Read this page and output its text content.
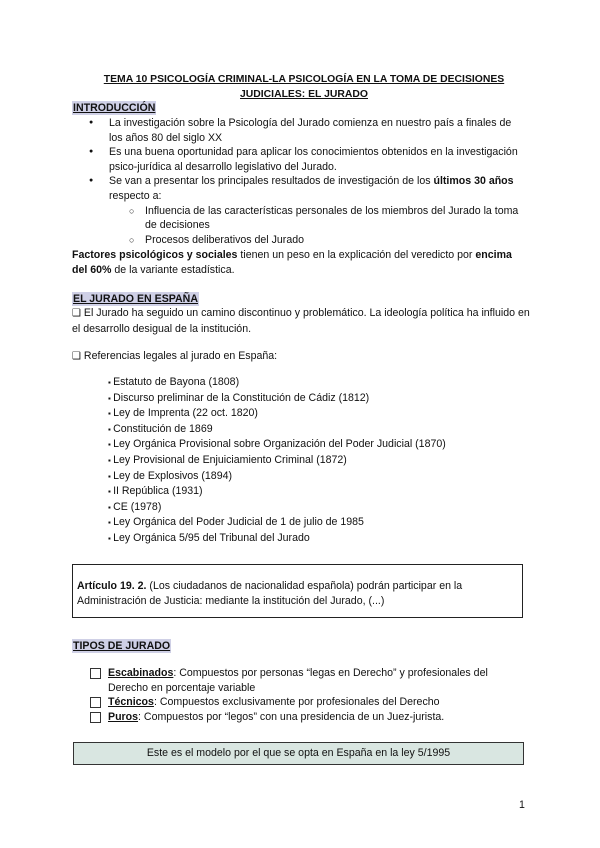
TEMA 10 PSICOLOGÍA CRIMINAL-LA PSICOLOGÍA EN LA TOMA DE DECISIONES JUDICIALES: EL JURADO
INTRODUCCIÓN
● La investigación sobre la Psicología del Jurado comienza en nuestro país a finales de los años 80 del siglo XX
● Es una buena oportunidad para aplicar los conocimientos obtenidos en la investigación psico-jurídica al desarrollo legislativo del Jurado.
● Se van a presentar los principales resultados de investigación de los últimos 30 años respecto a:
○ Influencia de las características personales de los miembros del Jurado la toma de decisiones
○ Procesos deliberativos del Jurado
Factores psicológicos y sociales tienen un peso en la explicación del veredicto por encima del 60% de la variante estadística.
EL JURADO EN ESPAÑA
❑ El Jurado ha seguido un camino discontinuo y problemático. La ideología política ha influido en el desarrollo desigual de la institución.
❑ Referencias legales al jurado en España:
▪ Estatuto de Bayona (1808)
▪ Discurso preliminar de la Constitución de Cádiz (1812)
▪ Ley de Imprenta (22 oct. 1820)
▪ Constitución de 1869
▪ Ley Orgánica Provisional sobre Organización del Poder Judicial (1870)
▪ Ley Provisional de Enjuiciamiento Criminal (1872)
▪ Ley de Explosivos (1894)
▪ II República (1931)
▪ CE (1978)
▪ Ley Orgánica del Poder Judicial de 1 de julio de 1985
▪ Ley Orgánica 5/95 del Tribunal del Jurado
Artículo 19. 2. (Los ciudadanos de nacionalidad española) podrán participar en la Administración de Justicia: mediante la institución del Jurado, (...)
TIPOS DE JURADO
Escabinados: Compuestos por personas “legas en Derecho” y profesionales del Derecho en porcentaje variable
Técnicos: Compuestos exclusivamente por profesionales del Derecho
Puros: Compuestos por “legos” con una presidencia de un Juez-jurista.
Este es el modelo por el que se opta en España en la ley 5/1995
1
